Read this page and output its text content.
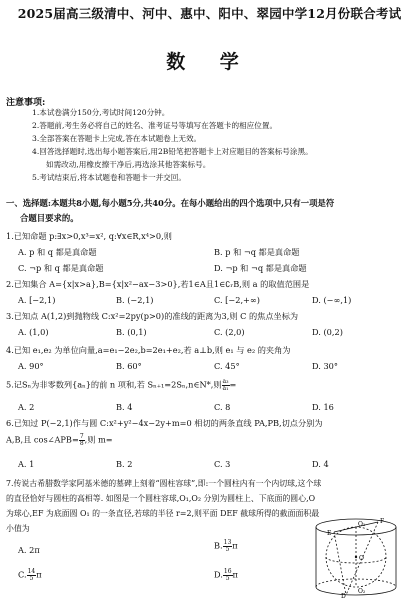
2025届高三级清中、河中、惠中、阳中、翠园中学12月份联合考试
数 学
注意事项:
1.本试卷满分150分,考试时间120分钟。
2.答题前,考生务必将自己的姓名、准考证号等填写在答题卡的相应位置。
3.全部答案在答题卡上完成,答在本试题卷上无效。
4.回答选择题时,选出每小题答案后,用2B铅笔把答题卡上对应题目的答案标号涂黑。
如需改动,用橡皮擦干净后,再选涂其他答案标号。
5.考试结束后,将本试题卷和答题卡一并交回。
一、选择题:本题共8小题,每小题5分,共40分。在每小题给出的四个选项中,只有一项是符
合题目要求的。
1.已知命题 p:∃x>0,x³=x², q:∀x∈R,x⁴>0,则
A. p 和 q 都是真命题	B. p 和 ¬q 都是真命题
C. ¬p 和 q 都是真命题	D. ¬p 和 ¬q 都是真命题
2.已知集合 A={x|x>a},B={x|x²−ax−3>0},若1∈A且1∈∁ᵣB,则 a 的取值范围是
A. [−2,1)	B. (−2,1)	C. [−2,+∞)	D. (−∞,1)
3.已知点 A(1,2)到抛物线 C:x²=2py(p>0)的准线的距离为3,则 C 的焦点坐标为
A. (1,0)	B. (0,1)	C. (2,0)	D. (0,2)
4.已知 e₁,e₂ 为单位向量,a=e₁−2e₂,b=2e₁+e₂,若 a⊥b,则 e₁ 与 e₂ 的夹角为
A. 90°	B. 60°	C. 45°	D. 30°
5.记Sₙ为非零数列{aₙ}的前 n 项和,若 Sₙ₊₁=2Sₙ,n∈N*,则 $\frac{\text{a₃}}{\text{a₁}}$ =
A. 2	B. 4	C. 8	D. 16
6.已知过 P(−2,1)作与圆 C:x²+y²−4x−2y+m=0 相切的两条直线 PA,PB,切点分别为
A,B,且 cos∠APB= $\frac{7}{8}$ ,则 m=
A. 1	B. 2	C. 3	D. 4
7.传说古希腊数学家阿基米德的墓碑上刻着“圆柱容球”,即:一个圆柱内有一个内切球,这个球
的直径恰好与圆柱的高相等. 如图是一个圆柱容球,O₁,O₂ 分别为圆柱上、下底面的圆心,O
为球心,EF 为底面圆 O₁ 的一条直径,若球的半径 r=2,则平面 DEF 截球所得的截面面积最
小值为
A. 2π	B. $\frac{13}{5}$ π
C. $\frac{14}{5}$ π	D. $\frac{16}{5}$ π
O₁
O
O₂
E
F
D
